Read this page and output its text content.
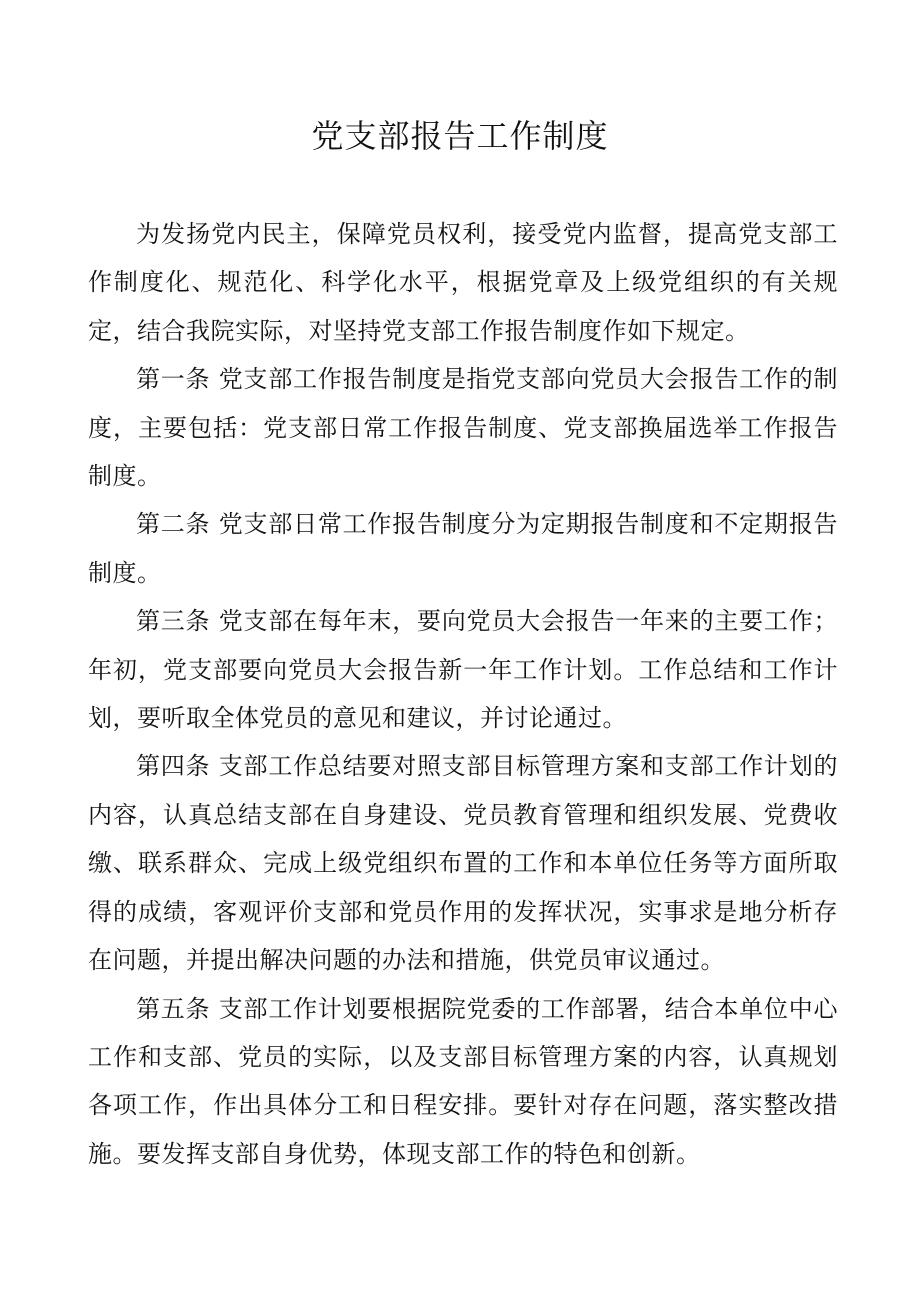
党支部报告工作制度

为发扬党内民主，保障党员权利，接受党内监督，提高党支部工作制度化、规范化、科学化水平，根据党章及上级党组织的有关规定，结合我院实际，对坚持党支部工作报告制度作如下规定。

第一条 党支部工作报告制度是指党支部向党员大会报告工作的制度，主要包括：党支部日常工作报告制度、党支部换届选举工作报告制度。

第二条 党支部日常工作报告制度分为定期报告制度和不定期报告制度。

第三条 党支部在每年末，要向党员大会报告一年来的主要工作；年初，党支部要向党员大会报告新一年工作计划。工作总结和工作计划，要听取全体党员的意见和建议，并讨论通过。

第四条 支部工作总结要对照支部目标管理方案和支部工作计划的内容，认真总结支部在自身建设、党员教育管理和组织发展、党费收缴、联系群众、完成上级党组织布置的工作和本单位任务等方面所取得的成绩，客观评价支部和党员作用的发挥状况，实事求是地分析存在问题，并提出解决问题的办法和措施，供党员审议通过。

第五条 支部工作计划要根据院党委的工作部署，结合本单位中心工作和支部、党员的实际，以及支部目标管理方案的内容，认真规划各项工作，作出具体分工和日程安排。要针对存在问题，落实整改措施。要发挥支部自身优势，体现支部工作的特色和创新。
